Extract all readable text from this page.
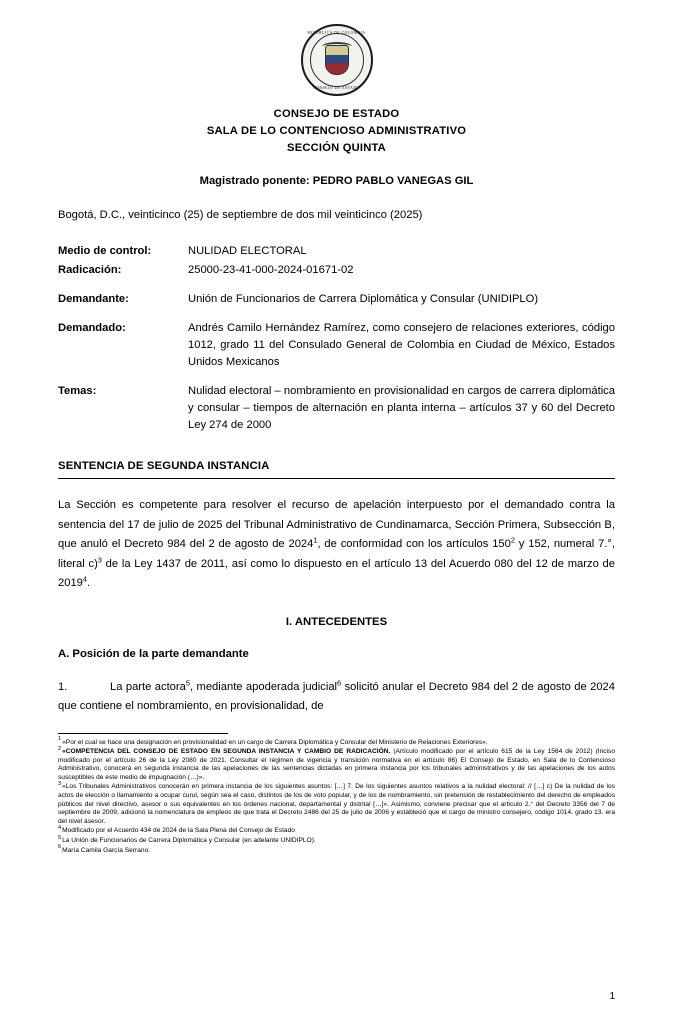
REPUBLICA DE COLOMBIA
CONSEJO DE ESTADO
CONSEJO DE ESTADO
SALA DE LO CONTENCIOSO ADMINISTRATIVO
SECCIÓN QUINTA
Magistrado ponente: PEDRO PABLO VANEGAS GIL
Bogotá, D.C., veinticinco (25) de septiembre de dos mil veinticinco (2025)
Medio de control:	NULIDAD ELECTORAL
Radicación:	25000-23-41-000-2024-01671-02
Demandante:	Unión de Funcionarios de Carrera Diplomática y Consular (UNIDIPLO)
Demandado:	Andrés Camilo Hernández Ramírez, como consejero de relaciones exteriores, código 1012, grado 11 del Consulado General de Colombia en Ciudad de México, Estados Unidos Mexicanos
Temas:	Nulidad electoral – nombramiento en provisionalidad en cargos de carrera diplomática y consular – tiempos de alternación en planta interna – artículos 37 y 60 del Decreto Ley 274 de 2000
SENTENCIA DE SEGUNDA INSTANCIA
La Sección es competente para resolver el recurso de apelación interpuesto por el demandado contra la sentencia del 17 de julio de 2025 del Tribunal Administrativo de Cundinamarca, Sección Primera, Subsección B, que anuló el Decreto 984 del 2 de agosto de 2024$^1$, de conformidad con los artículos $150^2$ y 152, numeral 7.°, literal c)$^3$ de la Ley 1437 de 2011, así como lo dispuesto en el artículo 13 del Acuerdo 080 del 12 de marzo de 2019$^4$.
I. ANTECEDENTES
A. Posición de la parte demandante
1.	La parte actora$^5$, mediante apoderada judicial$^6$ solicitó anular el Decreto 984 del 2 de agosto de 2024 que contiene el nombramiento, en provisionalidad, de
$^1$«Por el cual se hace una designación en provisionalidad en un cargo de Carrera Diplomática y Consular del Ministerio de Relaciones Exteriores».
$^2$«COMPETENCIA DEL CONSEJO DE ESTADO EN SEGUNDA INSTANCIA Y CAMBIO DE RADICACIÓN. (Artículo modificado por el artículo 615 de la Ley 1564 de 2012) (Inciso modificado por el artículo 26 de la Ley 2080 de 2021. Consultar el régimen de vigencia y transición normativa en el artículo 86) El Consejo de Estado, en Sala de lo Contencioso Administrativo, conocerá en segunda instancia de las apelaciones de las sentencias dictadas en primera instancia por los tribunales administrativos y de las apelaciones de los autos susceptibles de este medio de impugnación (…)».
$^3$«Los Tribunales Administrativos conocerán en primera instancia de los siguientes asuntos: […] 7. De los siguientes asuntos relativos a la nulidad electoral: // […] c) De la nulidad de los actos de elección o llamamiento a ocupar curul, según sea el caso, distintos de los de voto popular, y de los de nombramiento, sin pretensión de restablecimiento del derecho de empleados públicos del nivel directivo, asesor o sus equivalentes en los órdenes nacional, departamental y distrital […]». Asimismo, conviene precisar que el artículo 2.° del Decreto 3356 del 7 de septiembre de 2009, adicionó la nomenclatura de empleos de que trata el Decreto 2486 del 25 de julio de 2006 y estableció que el cargo de ministro consejero, código 1014. grado 13. era del nivel asesor.
$^4$Modificado por el Acuerdo 434 de 2024 de la Sala Plena del Consejo de Estado
$^5$La Unión de Funcionarios de Carrera Diplomática y Consular (en adelante UNIDIPLO).
$^6$María Camila García Serrano.
1
